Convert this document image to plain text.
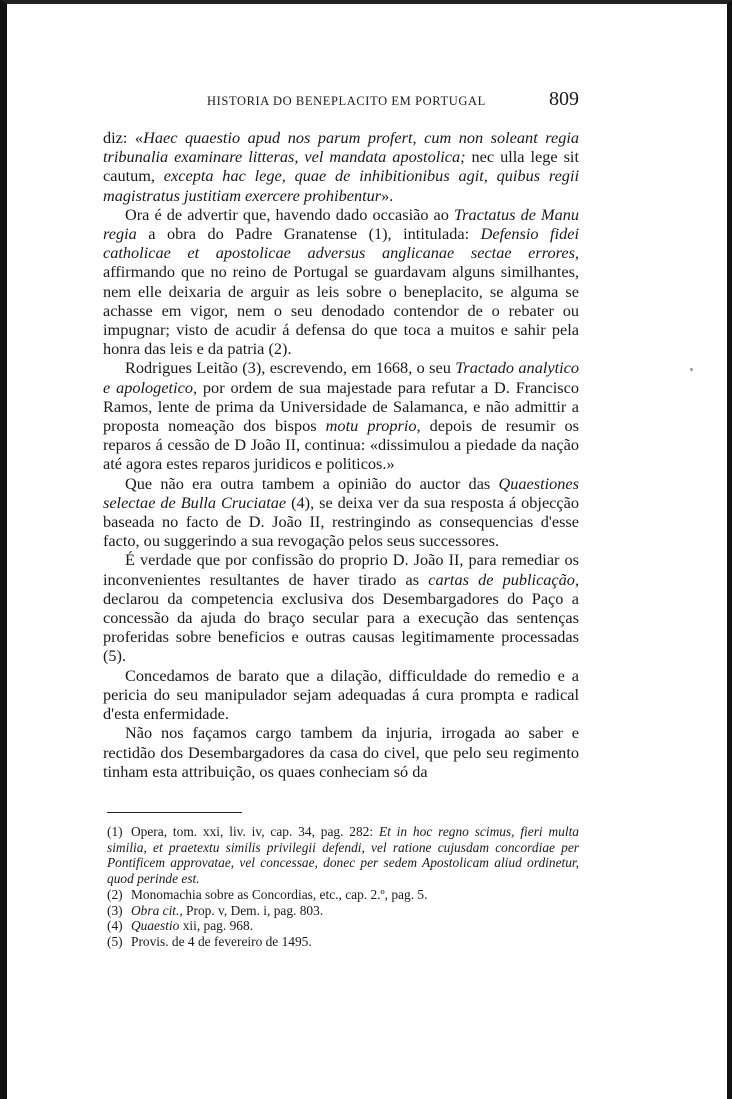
HISTORIA DO BENEPLACITO EM PORTUGAL	809

diz: «Haec quaestio apud nos parum profert, cum non soleant regia tribunalia examinare litteras, vel mandata apostolica; nec ulla lege sit cautum, excepta hac lege, quae de inhibitionibus agit, quibus regii magistratus justitiam exercere prohibentur».

Ora é de advertir que, havendo dado occasião ao Tractatus de Manu regia a obra do Padre Granatense (1), intitulada: Defensio fidei catholicae et apostolicae adversus anglicanae sectae errores, affirmando que no reino de Portugal se guardavam alguns similhantes, nem elle deixaria de arguir as leis sobre o beneplacito, se alguma se achasse em vigor, nem o seu denodado contendor de o rebater ou impugnar; visto de acudir á defensa do que toca a muitos e sahir pela honra das leis e da patria (2).

Rodrigues Leitão (3), escrevendo, em 1668, o seu Tractado analytico e apologetico, por ordem de sua majestade para refutar a D. Francisco Ramos, lente de prima da Universidade de Salamanca, e não admittir a proposta nomeação dos bispos motu proprio, depois de resumir os reparos á cessão de D João II, continua: «dissimulou a piedade da nação até agora estes reparos juridicos e politicos.»

Que não era outra tambem a opinião do auctor das Quaestiones selectae de Bulla Cruciatae (4), se deixa ver da sua resposta á objecção baseada no facto de D. João II, restringindo as consequencias d'esse facto, ou suggerindo a sua revogação pelos seus successores.

É verdade que por confissão do proprio D. João II, para remediar os inconvenientes resultantes de haver tirado as cartas de publicação, declarou da competencia exclusiva dos Desembargadores do Paço a concessão da ajuda do braço secular para a execução das sentenças proferidas sobre beneficios e outras causas legitimamente processadas (5).

Concedamos de barato que a dilação, difficuldade do remedio e a pericia do seu manipulador sejam adequadas á cura prompta e radical d'esta enfermidade.

Não nos façamos cargo tambem da injuria, irrogada ao saber e rectidão dos Desembargadores da casa do civel, que pelo seu regimento tinham esta attribuição, os quaes conheciam só da

(1) Opera, tom. xxi, liv. iv, cap. 34, pag. 282: Et in hoc regno scimus, fieri multa similia, et praetextu similis privilegii defendi, vel ratione cujusdam concordiae per Pontificem approvatae, vel concessae, donec per sedem Apostolicam aliud ordinetur, quod perinde est.

(2) Monomachia sobre as Concordias, etc., cap. 2.º, pag. 5.

(3) Obra cit., Prop. v, Dem. i, pag. 803.

(4) Quaestio xii, pag. 968.

(5) Provis. de 4 de fevereiro de 1495.
